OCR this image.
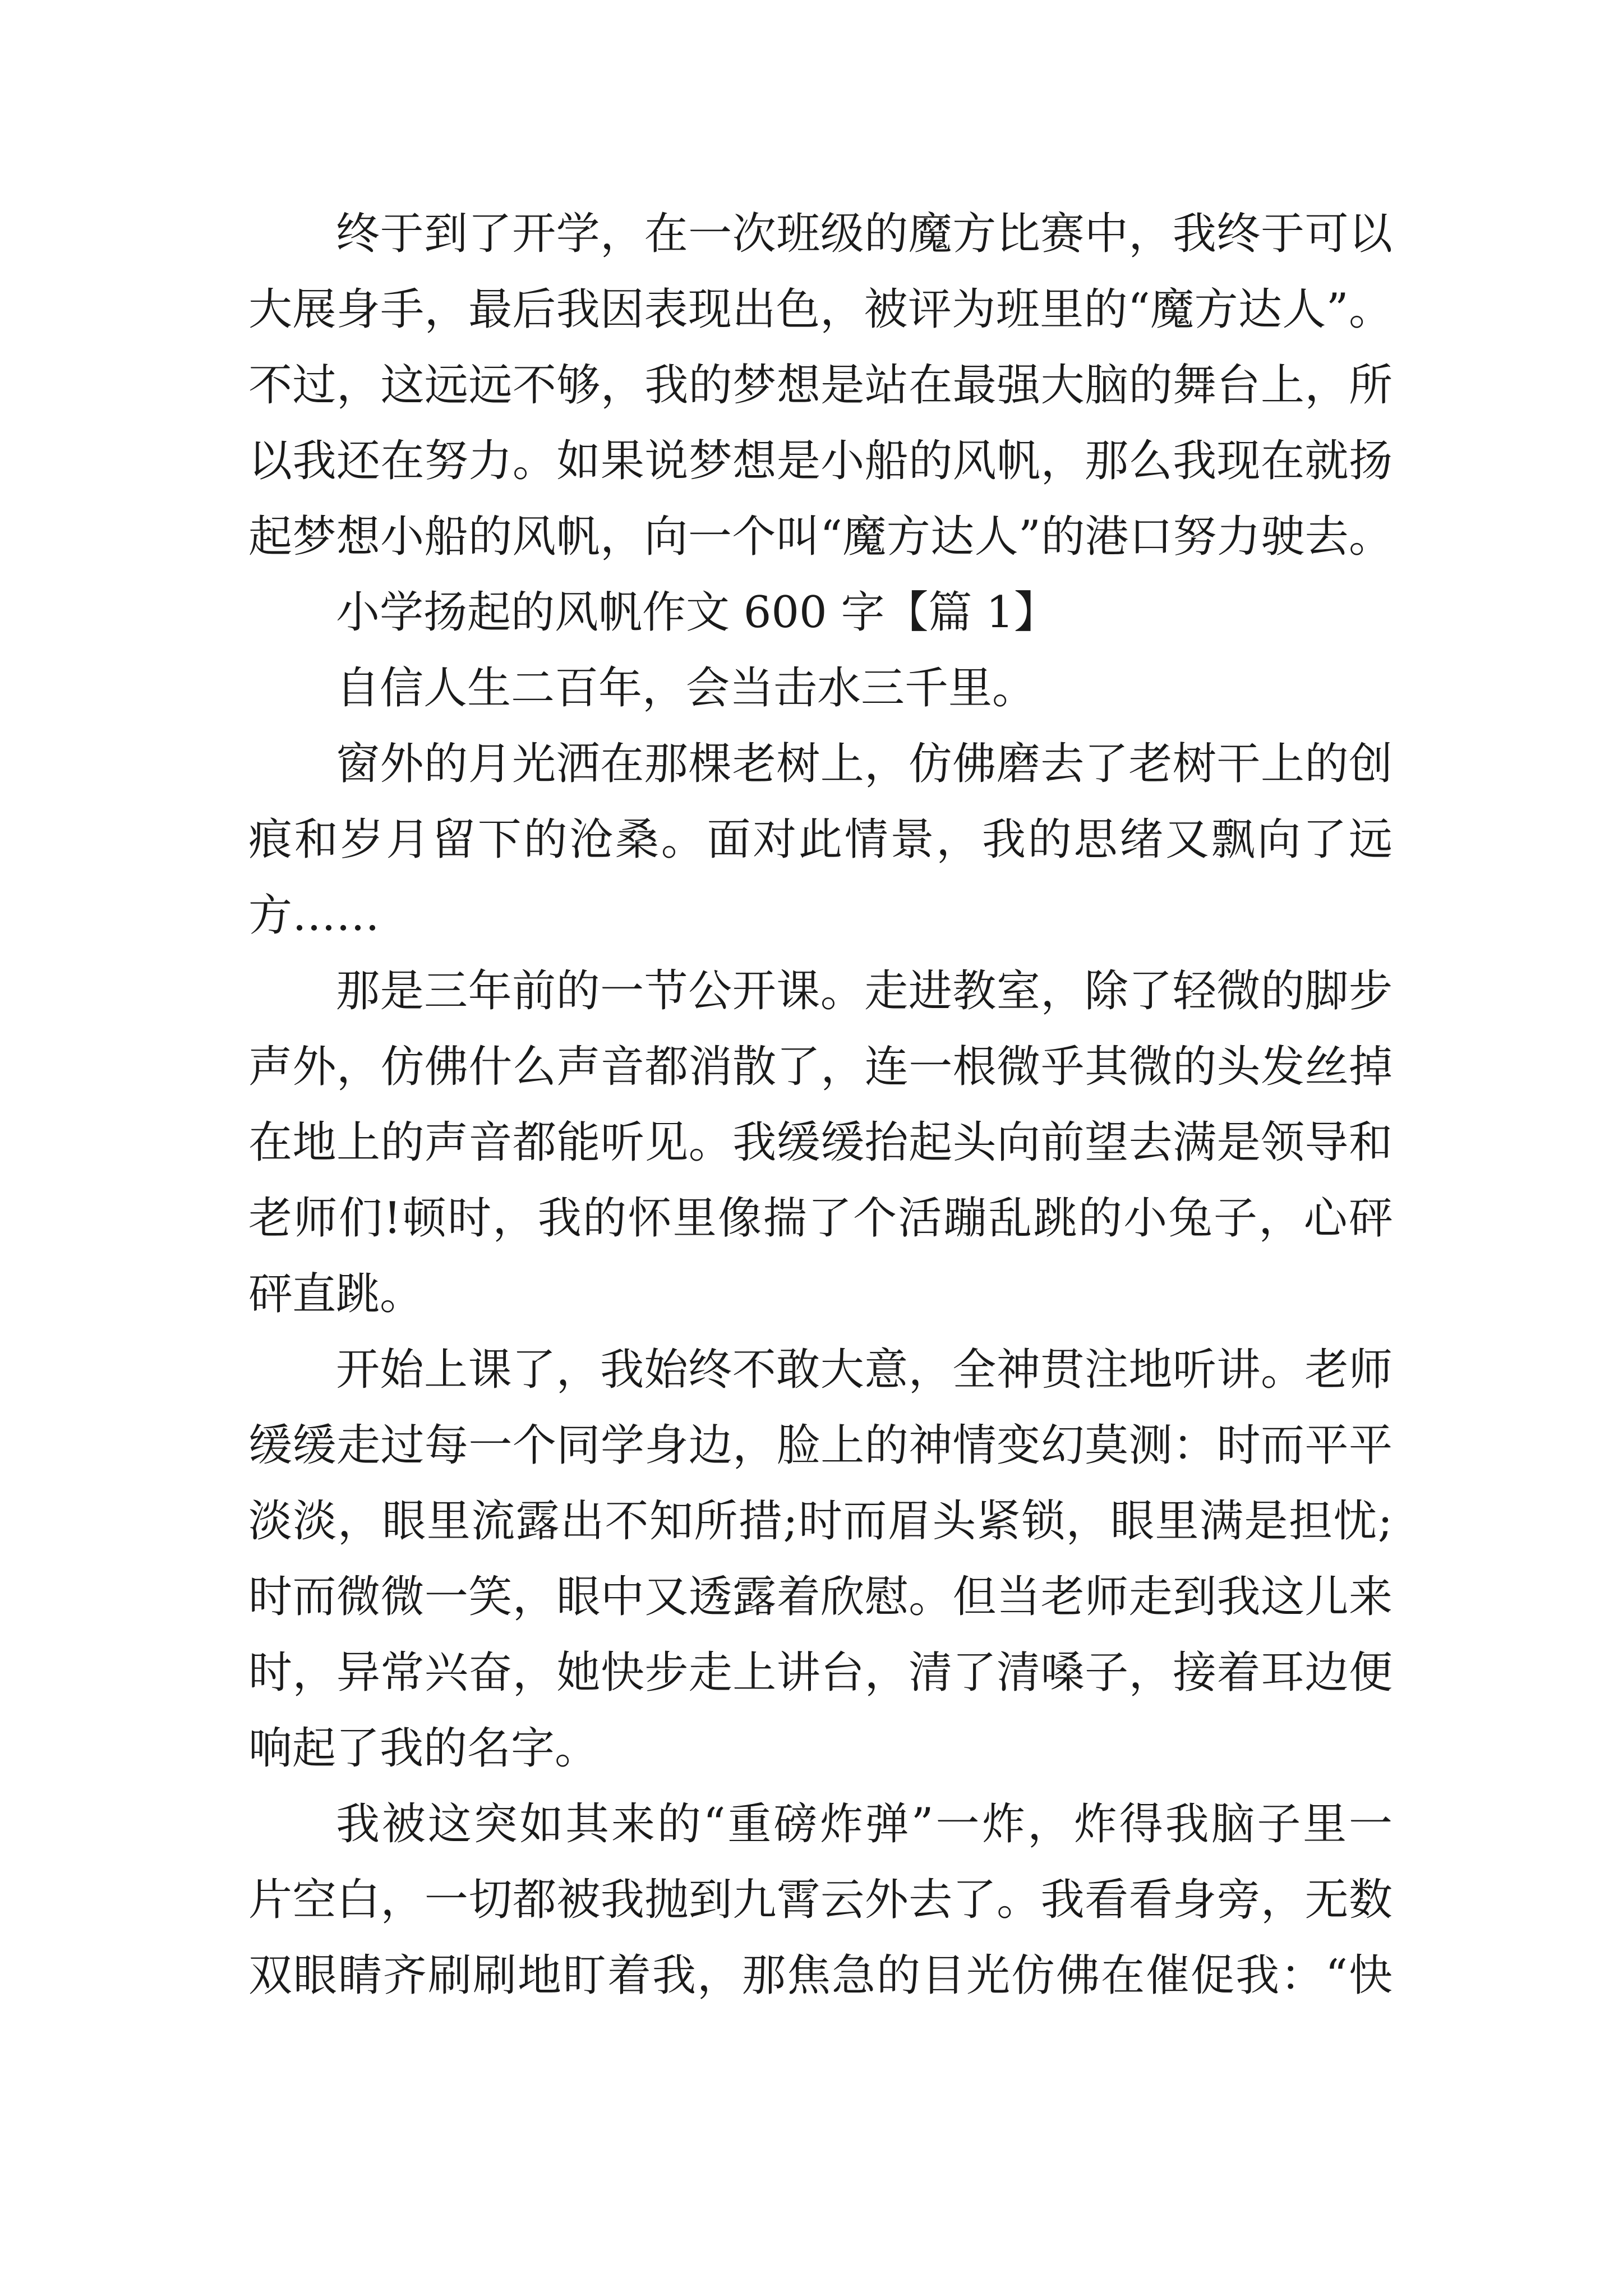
终于到了开学，在一次班级的魔方比赛中，我终于可以
大展身手，最后我因表现出色，被评为班里的“魔方达人”。
不过，这远远不够，我的梦想是站在最强大脑的舞台上，所
以我还在努力。如果说梦想是小船的风帆，那么我现在就扬
起梦想小船的风帆，向一个叫“魔方达人”的港口努力驶去。
小学扬起的风帆作文 600 字【篇 1】
自信人生二百年，会当击水三千里。
窗外的月光洒在那棵老树上，仿佛磨去了老树干上的创
痕和岁月留下的沧桑。面对此情景，我的思绪又飘向了远
方……
那是三年前的一节公开课。走进教室，除了轻微的脚步
声外，仿佛什么声音都消散了，连一根微乎其微的头发丝掉
在地上的声音都能听见。我缓缓抬起头向前望去满是领导和
老师们!顿时，我的怀里像揣了个活蹦乱跳的小兔子，心砰
砰直跳。
开始上课了，我始终不敢大意，全神贯注地听讲。老师
缓缓走过每一个同学身边，脸上的神情变幻莫测：时而平平
淡淡，眼里流露出不知所措;时而眉头紧锁，眼里满是担忧;
时而微微一笑，眼中又透露着欣慰。但当老师走到我这儿来
时，异常兴奋，她快步走上讲台，清了清嗓子，接着耳边便
响起了我的名字。
我被这突如其来的“重磅炸弹”一炸，炸得我脑子里一
片空白，一切都被我抛到九霄云外去了。我看看身旁，无数
双眼睛齐刷刷地盯着我，那焦急的目光仿佛在催促我：“快
